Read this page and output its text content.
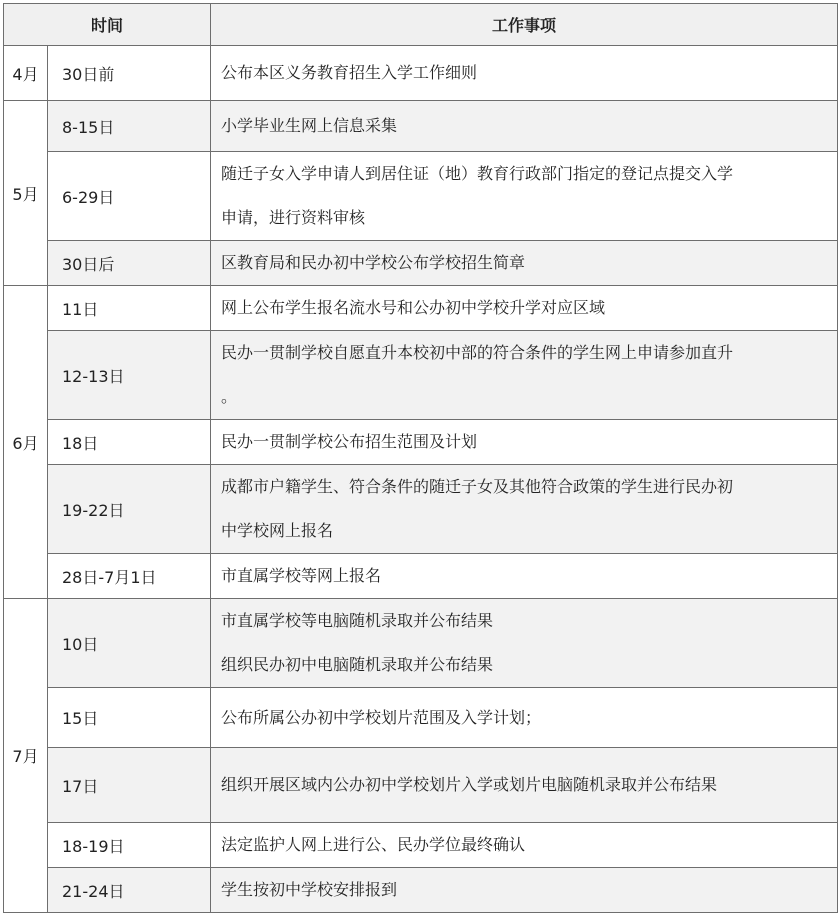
时间		工作事项
4月	30日前	公布本区义务教育招生入学工作细则

5月	8-15日	小学毕业生网上信息采集

	6-29日	随迁子女入学申请人到居住证（地）教育行政部门指定的登记点提交入学
申请，进行资料审核

	30日后	区教育局和民办初中学校公布学校招生简章

6月	11日	网上公布学生报名流水号和公办初中学校升学对应区域

	12-13日	民办一贯制学校自愿直升本校初中部的符合条件的学生网上申请参加直升
。

	18日	民办一贯制学校公布招生范围及计划

	19-22日	成都市户籍学生、符合条件的随迁子女及其他符合政策的学生进行民办初
中学校网上报名

	28日-7月1日	市直属学校等网上报名

7月	10日	市直属学校等电脑随机录取并公布结果
组织民办初中电脑随机录取并公布结果

	15日	公布所属公办初中学校划片范围及入学计划；

	17日	组织开展区域内公办初中学校划片入学或划片电脑随机录取并公布结果

	18-19日	法定监护人网上进行公、民办学位最终确认

	21-24日	学生按初中学校安排报到
